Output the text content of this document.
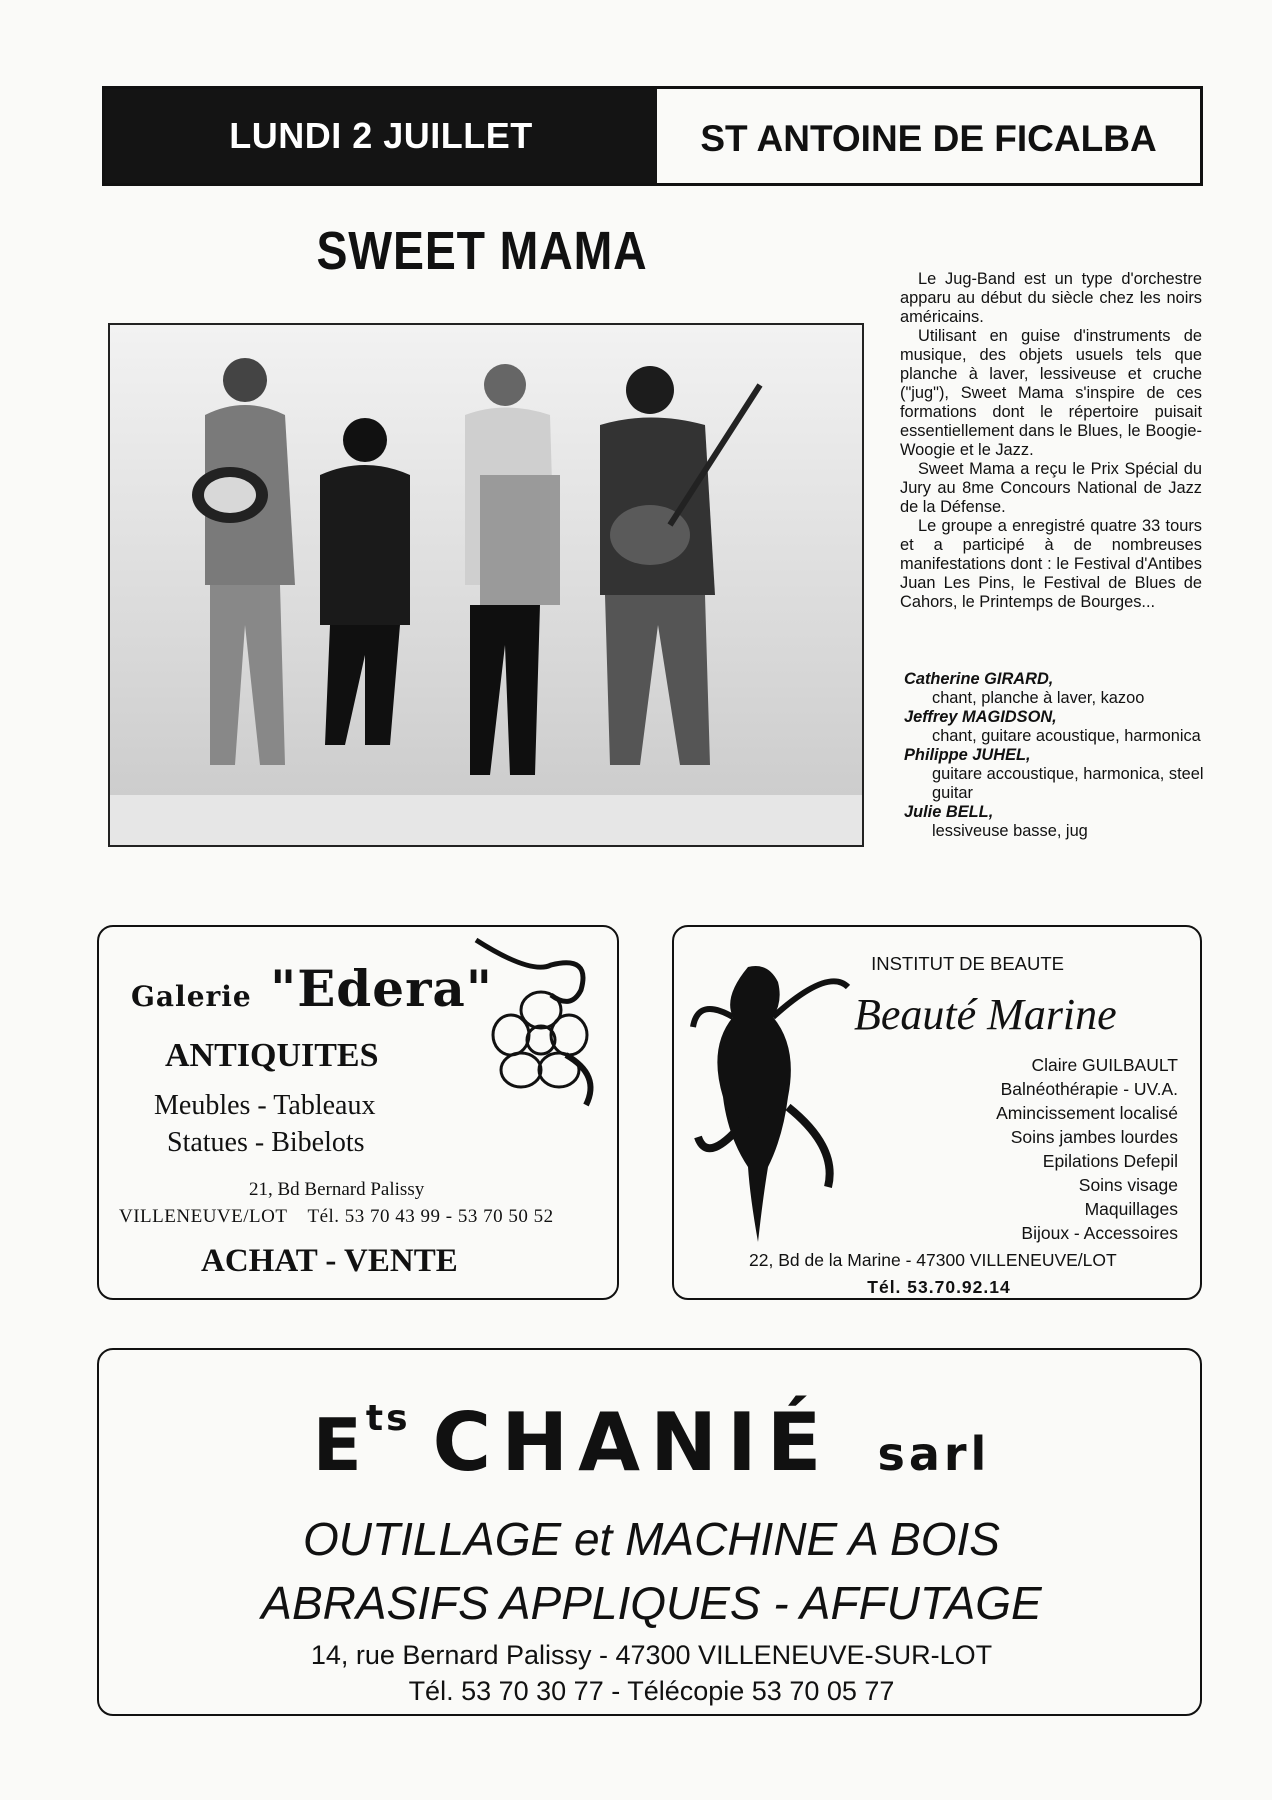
LUNDI 2 JUILLET	ST ANTOINE DE FICALBA
SWEET MAMA	Le Jug-Band est un type d'orchestre apparu au début du siècle chez les noirs américains.

Utilisant en guise d'instruments de musique, des objets usuels tels que planche à laver, lessiveuse et cruche ("jug"), Sweet Mama s'inspire de ces formations dont le répertoire puisait essentiellement dans le Blues, le Boogie-Woogie et le Jazz.

Sweet Mama a reçu le Prix Spécial du Jury au 8me Concours National de Jazz de la Défense.

Le groupe a enregistré quatre 33 tours et a participé à de nombreuses manifestations dont : le Festival d'Antibes Juan Les Pins, le Festival de Blues de Cahors, le Printemps de Bourges...

Catherine GIRARD,
chant, planche à laver, kazoo
Jeffrey MAGIDSON,
chant, guitare acoustique, harmonica
Philippe JUHEL,
guitare accoustique, harmonica, steel guitar
Julie BELL,
lessiveuse basse, jug
Galerie "Edera"
ANTIQUITES
Meubles - Tableaux
Statues - Bibelots
21, Bd Bernard Palissy
VILLENEUVE/LOT Tél. 53 70 43 99 - 53 70 50 52
ACHAT - VENTE
INSTITUT DE BEAUTE
Beauté Marine
Claire GUILBAULT
Balnéothérapie - UV.A.
Amincissement localisé
Soins jambes lourdes
Epilations Defepil
Soins visage
Maquillages
Bijoux - Accessoires
22, Bd de la Marine - 47300 VILLENEUVE/LOT
Tél. 53.70.92.14
$E^{ts}$ CHANIÉ sarl
OUTILLAGE et MACHINE A BOIS
ABRASIFS APPLIQUES - AFFUTAGE
14, rue Bernard Palissy - 47300 VILLENEUVE-SUR-LOT
Tél. 53 70 30 77 - Télécopie 53 70 05 77
